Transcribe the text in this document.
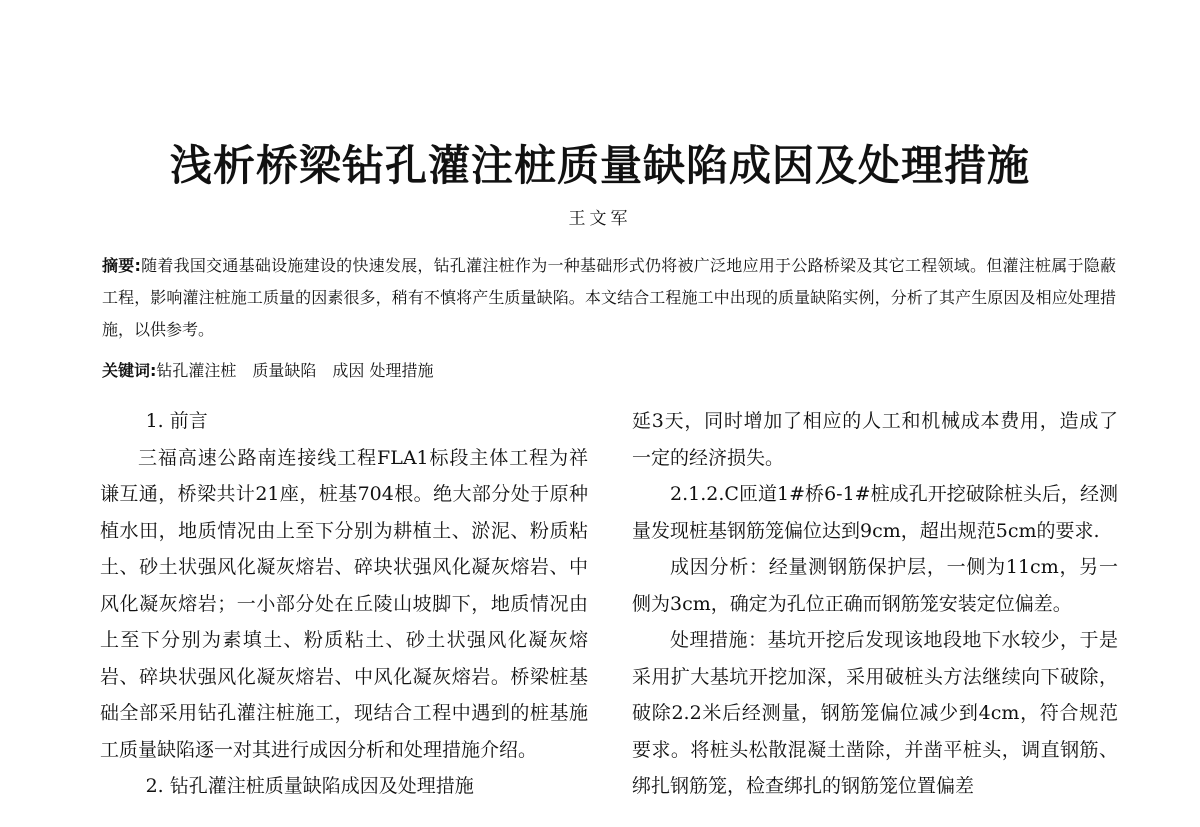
浅析桥梁钻孔灌注桩质量缺陷成因及处理措施
王文军
摘要:随着我国交通基础设施建设的快速发展，钻孔灌注桩作为一种基础形式仍将被广泛地应用于公路桥梁及其它工程领域。但灌注桩属于隐蔽工程，影响灌注桩施工质量的因素很多，稍有不慎将产生质量缺陷。本文结合工程施工中出现的质量缺陷实例，分析了其产生原因及相应处理措施，以供参考。
关键词:钻孔灌注桩　质量缺陷　成因 处理措施

1. 前言

三福高速公路南连接线工程FLA1标段主体工程为祥谦互通，桥梁共计21座，桩基704根。绝大部分处于原种植水田，地质情况由上至下分别为耕植土、淤泥、粉质粘土、砂土状强风化凝灰熔岩、碎块状强风化凝灰熔岩、中风化凝灰熔岩；一小部分处在丘陵山坡脚下，地质情况由上至下分别为素填土、粉质粘土、砂土状强风化凝灰熔岩、碎块状强风化凝灰熔岩、中风化凝灰熔岩。桥梁桩基础全部采用钻孔灌注桩施工，现结合工程中遇到的桩基施工质量缺陷逐一对其进行成因分析和处理措施介绍。

2. 钻孔灌注桩质量缺陷成因及处理措施

延3天，同时增加了相应的人工和机械成本费用，造成了一定的经济损失。

2.1.2.C匝道1#桥6-1#桩成孔开挖破除桩头后，经测量发现桩基钢筋笼偏位达到9cm，超出规范5cm的要求.

成因分析：经量测钢筋保护层，一侧为11cm，另一侧为3cm，确定为孔位正确而钢筋笼安装定位偏差。

处理措施：基坑开挖后发现该地段地下水较少，于是采用扩大基坑开挖加深，采用破桩头方法继续向下破除，破除2.2米后经测量，钢筋笼偏位减少到4cm，符合规范要求。将桩头松散混凝土凿除，并凿平桩头，调直钢筋、绑扎钢筋笼，检查绑扎的钢筋笼位置偏差
